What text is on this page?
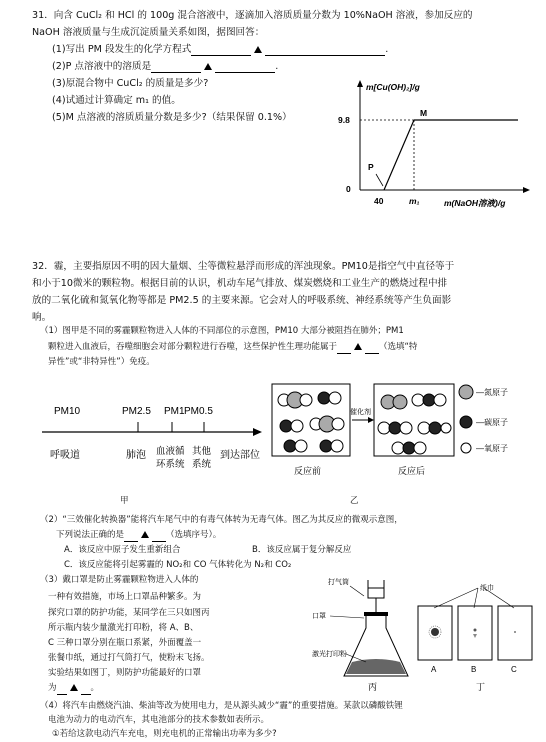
31．向含 CuCl₂ 和 HCl 的 100g 混合溶液中，逐滴加入溶质质量分数为 10%NaOH 溶液，参加反应的
NaOH 溶液质量与生成沉淀质量关系如图，据图回答：
(1)写出 PM 段发生的化学方程式	.
(2)P 点溶液中的溶质是	.
(3)原混合物中 CuCl₂ 的质量是多少?
(4)试通过计算确定 m₁ 的值。
(5)M 点溶液的溶质质量分数是多少?（结果保留 0.1%）
m[Cu(OH)₂]/g
9.8
0
P
M
40	m₁	m(NaOH溶液)/g
32．霾，主要指原因不明的因大量烟、尘等微粒悬浮而形成的浑浊现象。PM10是指空气中直径等于
和小于10微米的颗粒物。根据目前的认识，机动车尾气排放、煤炭燃烧和工业生产的燃烧过程中排
放的二氧化硫和氮氧化物等都是 PM2.5 的主要来源。它会对人的呼吸系统、神经系统等产生负面影
响。
（1）图甲是不同的雾霾颗粒物进入人体的不同部位的示意图，PM10 大部分被阻挡在肺外；PM1
颗粒进入血液后，吞噬细胞会对部分颗粒进行吞噬，这些保护性生理功能属于	（选填“特
异性”或“非特异性”）免疫。
PM10	PM2.5 PM1 PM0.5
呼吸道	肺泡 血液循
环系统
其他
系统
到达部位
催化剂
反应前	反应后
—氮原子
—碳原子
—氧原子
甲	乙
（2）“三效催化转换器”能将汽车尾气中的有毒气体转为无毒气体。图乙为其反应的微观示意图，
下列说法正确的是	（选填序号）。
A．该反应中原子发生重新组合	B．该反应属于复分解反应
C．该反应能将引起雾霾的 NO₂和 CO 气体转化为 N₂和 CO₂
（3）戴口罩是防止雾霾颗粒物进入人体的
一种有效措施，市场上口罩品种繁多。为
探究口罩的防护功能，某同学在三只如图丙
所示瓶内装少量激光打印粉，将 A、B、
C 三种口罩分别在瓶口系紧，外面覆盖一
张餐巾纸，通过打气筒打气，使粉末飞扬。
实验结果如图丁，则防护功能最好的口罩
为	。
打气筒
口罩
激光打印粉
丙
纸巾
A	B	C
丁
（4）将汽车由燃烧汽油、柴油等改为使用电力，是从源头减少“霾”的重要措施。某款以磷酸铁锂
电池为动力的电动汽车，其电池部分的技术参数如表所示。
①若给这款电动汽车充电，则充电机的正常输出功率为多少?
